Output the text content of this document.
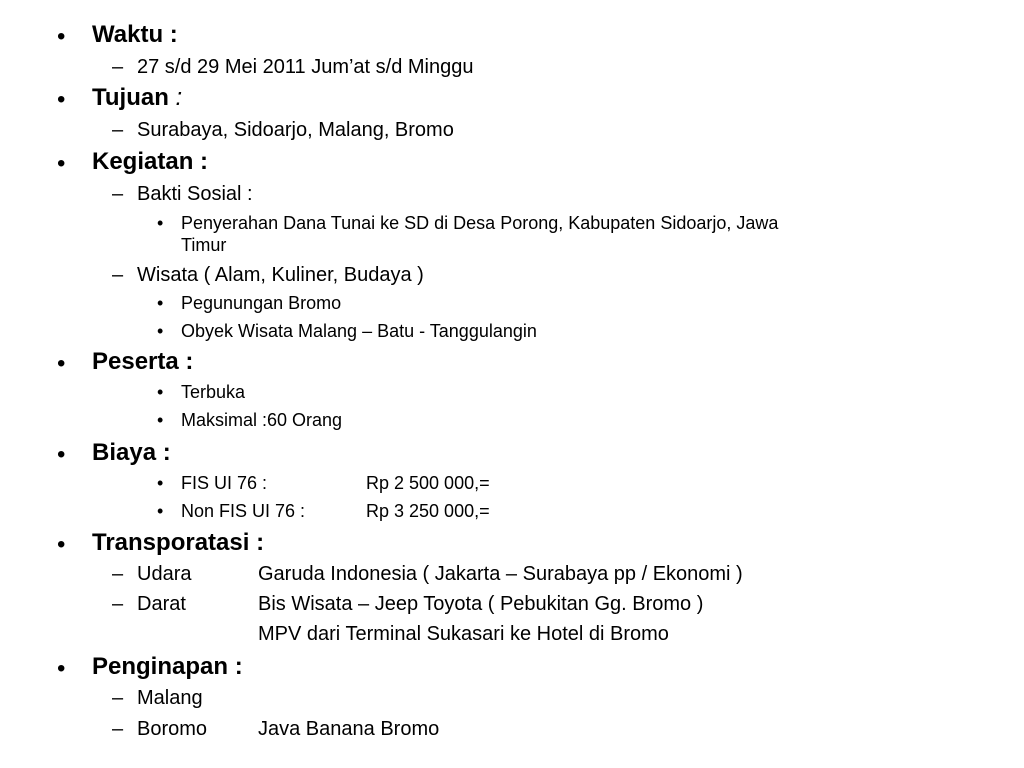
• Waktu :
– 27 s/d 29 Mei 2011 Jum’at s/d Minggu
• Tujuan :
– Surabaya, Sidoarjo, Malang, Bromo
• Kegiatan :
– Bakti Sosial :
• Penyerahan Dana Tunai ke SD di Desa Porong, Kabupaten Sidoarjo, Jawa
Timur
– Wisata ( Alam, Kuliner, Budaya )
• Pegunungan Bromo
• Obyek Wisata Malang – Batu - Tanggulangin
• Peserta :
• Terbuka
• Maksimal :60 Orang
• Biaya :
• FIS UI 76 :	Rp 2 500 000,=
• Non FIS UI 76 :	Rp 3 250 000,=
• Transporatasi :
– Udara	Garuda Indonesia ( Jakarta – Surabaya pp / Ekonomi )
– Darat	Bis Wisata – Jeep Toyota ( Pebukitan Gg. Bromo )
MPV dari Terminal Sukasari ke Hotel di Bromo
• Penginapan :
– Malang
– Boromo	Java Banana Bromo
